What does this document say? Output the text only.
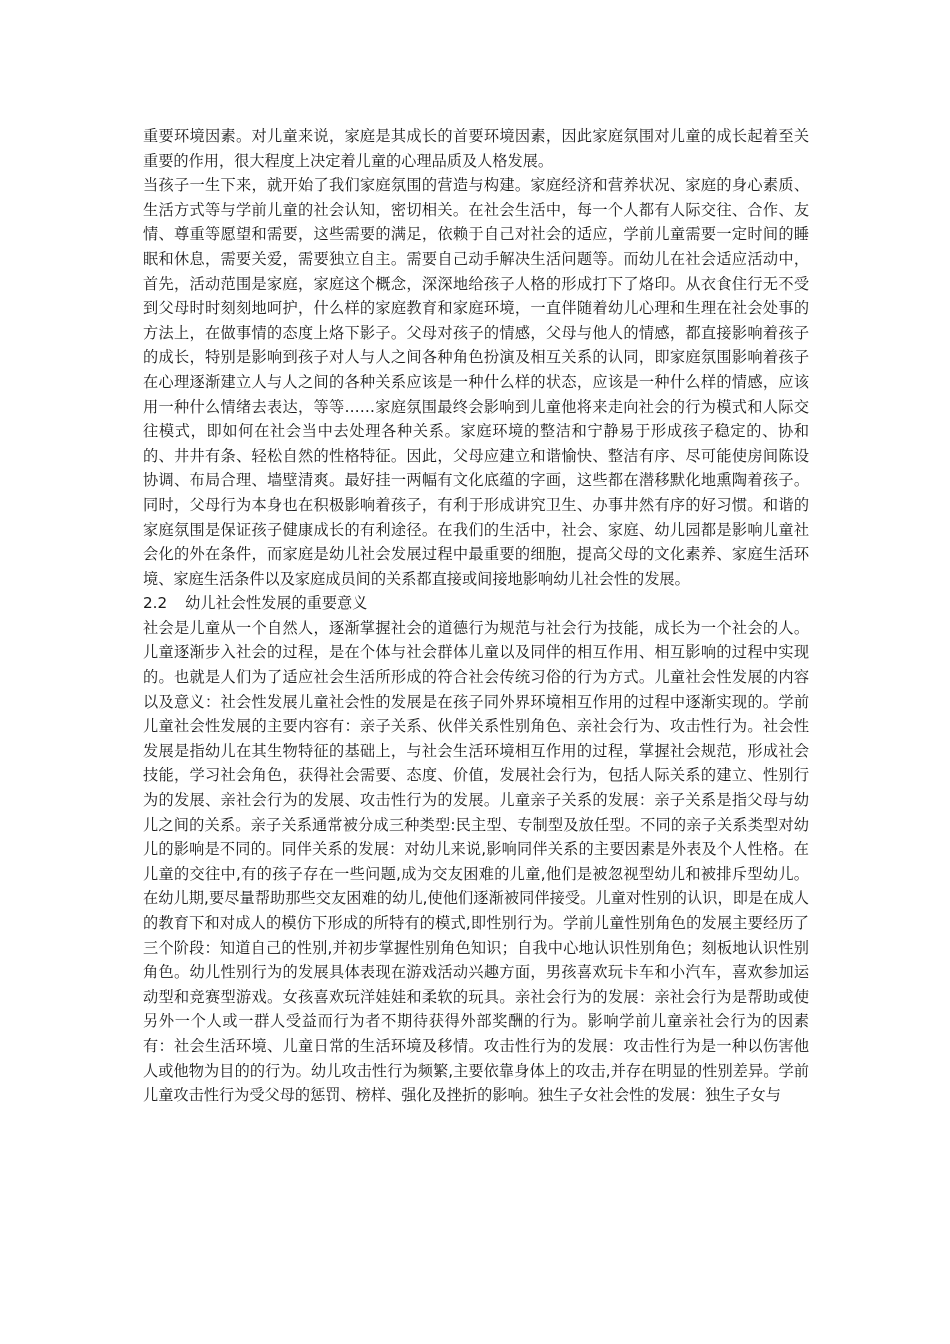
重要环境因素。对儿童来说，家庭是其成长的首要环境因素，因此家庭氛围对儿童的成长起着至关重要的作用，很大程度上决定着儿童的心理品质及人格发展。

当孩子一生下来，就开始了我们家庭氛围的营造与构建。家庭经济和营养状况、家庭的身心素质、生活方式等与学前儿童的社会认知，密切相关。在社会生活中，每一个人都有人际交往、合作、友情、尊重等愿望和需要，这些需要的满足，依赖于自己对社会的适应，学前儿童需要一定时间的睡眠和休息，需要关爱，需要独立自主。需要自己动手解决生活问题等。而幼儿在社会适应活动中，首先，活动范围是家庭，家庭这个概念，深深地给孩子人格的形成打下了烙印。从衣食住行无不受到父母时时刻刻地呵护，什么样的家庭教育和家庭环境，一直伴随着幼儿心理和生理在社会处事的方法上，在做事情的态度上烙下影子。父母对孩子的情感，父母与他人的情感，都直接影响着孩子的成长，特别是影响到孩子对人与人之间各种角色扮演及相互关系的认同，即家庭氛围影响着孩子在心理逐渐建立人与人之间的各种关系应该是一种什么样的状态，应该是一种什么样的情感，应该用一种什么情绪去表达，等等……家庭氛围最终会影响到儿童他将来走向社会的行为模式和人际交往模式，即如何在社会当中去处理各种关系。家庭环境的整洁和宁静易于形成孩子稳定的、协和的、井井有条、轻松自然的性格特征。因此，父母应建立和谐愉快、整洁有序、尽可能使房间陈设协调、布局合理、墙壁清爽。最好挂一两幅有文化底蕴的字画，这些都在潜移默化地熏陶着孩子。同时，父母行为本身也在积极影响着孩子，有利于形成讲究卫生、办事井然有序的好习惯。和谐的家庭氛围是保证孩子健康成长的有利途径。在我们的生活中，社会、家庭、幼儿园都是影响儿童社会化的外在条件，而家庭是幼儿社会发展过程中最重要的细胞，提高父母的文化素养、家庭生活环境、家庭生活条件以及家庭成员间的关系都直接或间接地影响幼儿社会性的发展。

2.2 幼儿社会性发展的重要意义

社会是儿童从一个自然人，逐渐掌握社会的道德行为规范与社会行为技能，成长为一个社会的人。儿童逐渐步入社会的过程，是在个体与社会群体儿童以及同伴的相互作用、相互影响的过程中实现的。也就是人们为了适应社会生活所形成的符合社会传统习俗的行为方式。儿童社会性发展的内容以及意义：社会性发展儿童社会性的发展是在孩子同外界环境相互作用的过程中逐渐实现的。学前儿童社会性发展的主要内容有：亲子关系、伙伴关系性别角色、亲社会行为、攻击性行为。社会性发展是指幼儿在其生物特征的基础上，与社会生活环境相互作用的过程，掌握社会规范，形成社会技能，学习社会角色，获得社会需要、态度、价值，发展社会行为，包括人际关系的建立、性别行为的发展、亲社会行为的发展、攻击性行为的发展。儿童亲子关系的发展：亲子关系是指父母与幼儿之间的关系。亲子关系通常被分成三种类型:民主型、专制型及放任型。不同的亲子关系类型对幼儿的影响是不同的。同伴关系的发展：对幼儿来说,影响同伴关系的主要因素是外表及个人性格。在儿童的交往中,有的孩子存在一些问题,成为交友困难的儿童,他们是被忽视型幼儿和被排斥型幼儿。在幼儿期,要尽量帮助那些交友困难的幼儿,使他们逐渐被同伴接受。儿童对性别的认识，即是在成人的教育下和对成人的模仿下形成的所特有的模式,即性别行为。学前儿童性别角色的发展主要经历了三个阶段：知道自己的性别,并初步掌握性别角色知识；自我中心地认识性别角色；刻板地认识性别角色。幼儿性别行为的发展具体表现在游戏活动兴趣方面，男孩喜欢玩卡车和小汽车，喜欢参加运动型和竞赛型游戏。女孩喜欢玩洋娃娃和柔软的玩具。亲社会行为的发展：亲社会行为是帮助或使另外一个人或一群人受益而行为者不期待获得外部奖酬的行为。影响学前儿童亲社会行为的因素有：社会生活环境、儿童日常的生活环境及移情。攻击性行为的发展：攻击性行为是一种以伤害他人或他物为目的的行为。幼儿攻击性行为频繁,主要依靠身体上的攻击,并存在明显的性别差异。学前儿童攻击性行为受父母的惩罚、榜样、强化及挫折的影响。独生子女社会性的发展：独生子女与
